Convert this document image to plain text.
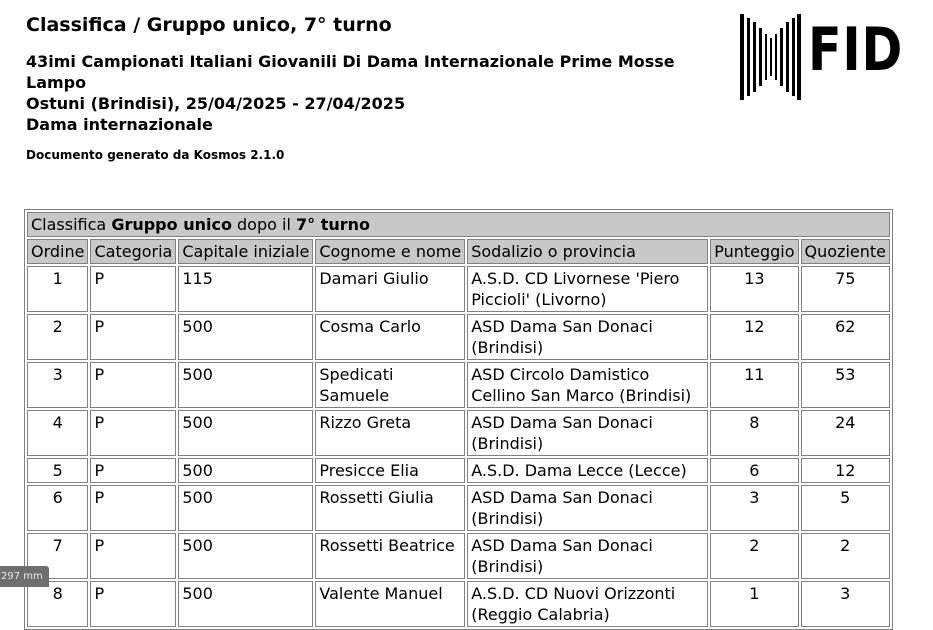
Classifica / Gruppo unico, 7° turno
43imi Campionati Italiani Giovanili Di Dama Internazionale Prime Mosse Lampo
Ostuni (Brindisi), 25/04/2025 - 27/04/2025
Dama internazionale
Documento generato da Kosmos 2.1.0
FID
Classifica Gruppo unico dopo il 7° turno						
Ordine	Categoria	Capitale iniziale	Cognome e nome	Sodalizio o provincia	Punteggio	Quoziente
1	P	115	Damari Giulio	A.S.D. CD Livornese 'Piero Piccioli' (Livorno)	13	75
2	P	500	Cosma Carlo	ASD Dama San Donaci (Brindisi)	12	62
3	P	500	Spedicati Samuele	ASD Circolo Damistico Cellino San Marco (Brindisi)	11	53
4	P	500	Rizzo Greta	ASD Dama San Donaci (Brindisi)	8	24
5	P	500	Presicce Elia	A.S.D. Dama Lecce (Lecce)	6	12
6	P	500	Rossetti Giulia	ASD Dama San Donaci (Brindisi)	3	5
7	P	500	Rossetti Beatrice	ASD Dama San Donaci (Brindisi)	2	2
8	P	500	Valente Manuel	A.S.D. CD Nuovi Orizzonti (Reggio Calabria)	1	3
297 mm
